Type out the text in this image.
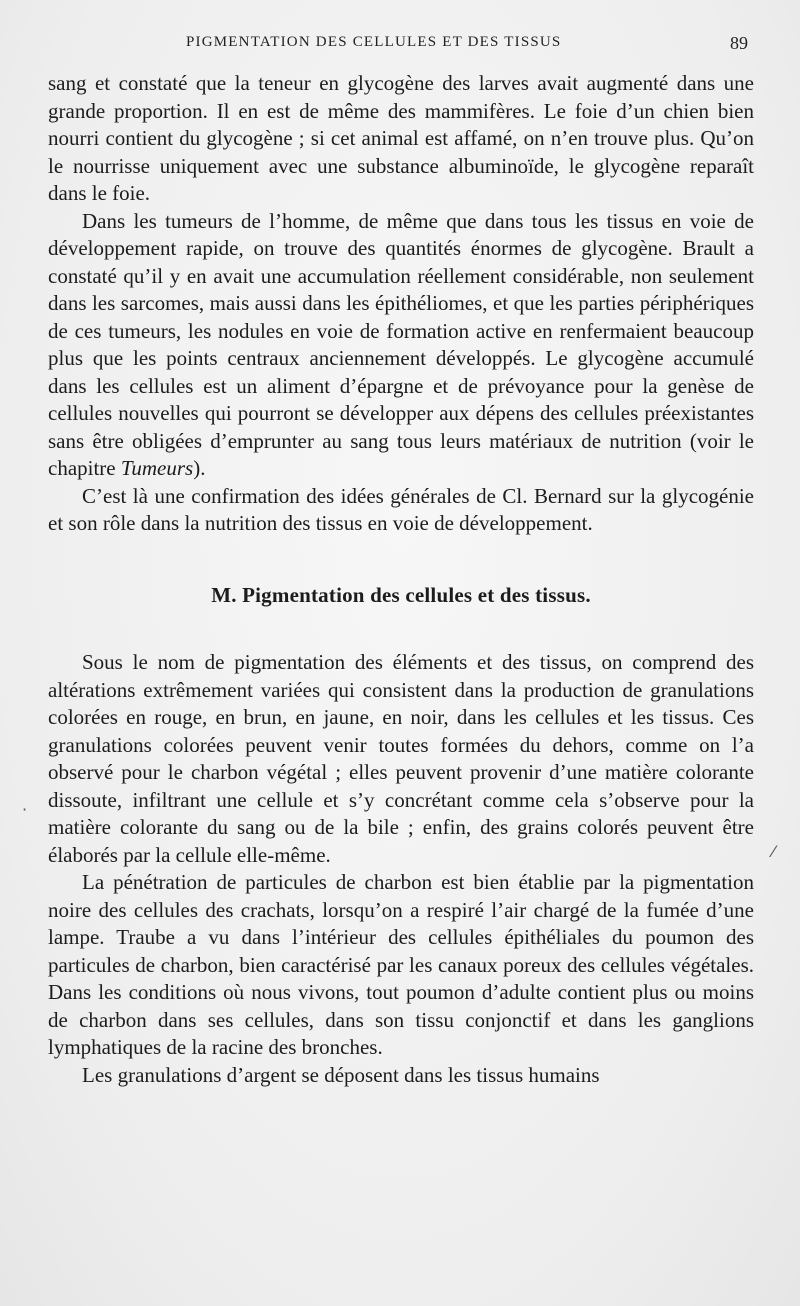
PIGMENTATION DES CELLULES ET DES TISSUS	89

sang et constaté que la teneur en glycogène des larves avait augmenté dans une grande proportion. Il en est de même des mammifères. Le foie d’un chien bien nourri contient du glycogène ; si cet animal est affamé, on n’en trouve plus. Qu’on le nourrisse uniquement avec une substance albuminoïde, le glycogène reparaît dans le foie.

Dans les tumeurs de l’homme, de même que dans tous les tissus en voie de développement rapide, on trouve des quantités énormes de glycogène. Brault a constaté qu’il y en avait une accumulation réellement considérable, non seulement dans les sarcomes, mais aussi dans les épithéliomes, et que les parties périphériques de ces tumeurs, les nodules en voie de formation active en renfermaient beaucoup plus que les points centraux anciennement développés. Le glycogène accumulé dans les cellules est un aliment d’épargne et de prévoyance pour la genèse de cellules nouvelles qui pourront se développer aux dépens des cellules préexistantes sans être obligées d’emprunter au sang tous leurs matériaux de nutrition (voir le chapitre Tumeurs).

C’est là une confirmation des idées générales de Cl. Bernard sur la glycogénie et son rôle dans la nutrition des tissus en voie de développement.

M. Pigmentation des cellules et des tissus.

Sous le nom de pigmentation des éléments et des tissus, on comprend des altérations extrêmement variées qui consistent dans la production de granulations colorées en rouge, en brun, en jaune, en noir, dans les cellules et les tissus. Ces granulations colorées peuvent venir toutes formées du dehors, comme on l’a observé pour le charbon végétal ; elles peuvent provenir d’une matière colorante dissoute, infiltrant une cellule et s’y concrétant comme cela s’observe pour la matière colorante du sang ou de la bile ; enfin, des grains colorés peuvent être élaborés par la cellule elle-même.

La pénétration de particules de charbon est bien établie par la pigmentation noire des cellules des crachats, lorsqu’on a respiré l’air chargé de la fumée d’une lampe. Traube a vu dans l’intérieur des cellules épithéliales du poumon des particules de charbon, bien caractérisé par les canaux poreux des cellules végétales. Dans les conditions où nous vivons, tout poumon d’adulte contient plus ou moins de charbon dans ses cellules, dans son tissu conjonctif et dans les ganglions lymphatiques de la racine des bronches.

Les granulations d’argent se déposent dans les tissus humains

⁄
·
